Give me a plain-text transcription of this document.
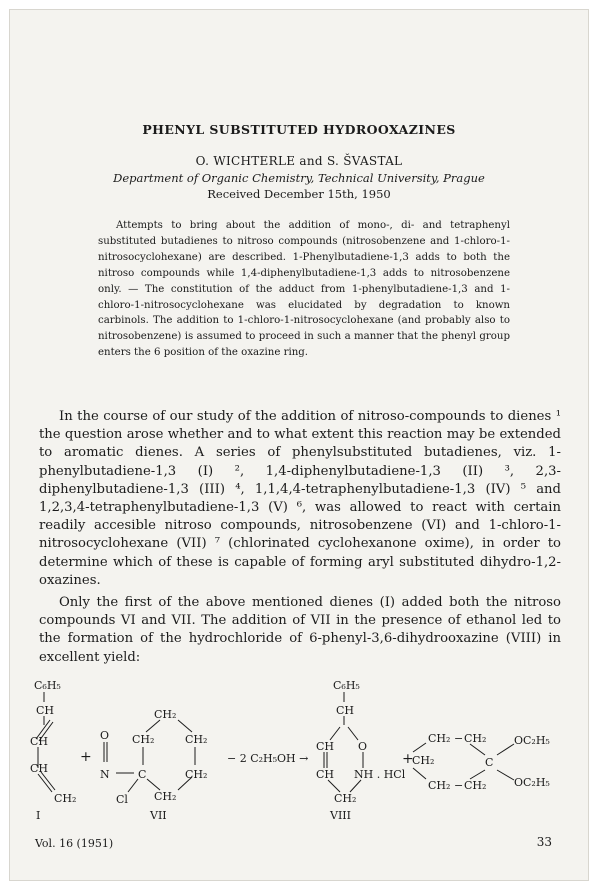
PHENYL SUBSTITUTED HYDROOXAZINES
O. WICHTERLE and S. ŠVASTAL
Department of Organic Chemistry, Technical University, Prague
Received December 15th, 1950

Attempts to bring about the addition of mono-, di- and tetraphenyl substituted butadienes to nitroso compounds (nitrosobenzene and 1-chloro-1-nitrosocyclohexane) are described. 1-Phenylbutadiene-1,3 adds to both the nitroso compounds while 1,4-diphenylbutadiene-1,3 adds to nitrosobenzene only. — The constitution of the adduct from 1-phenylbutadiene-1,3 and 1-chloro-1-nitrosocyclohexane was elucidated by degradation to known carbinols. The addition to 1-chloro-1-nitrosocyclohexane (and probably also to nitrosobenzene) is assumed to proceed in such a manner that the phenyl group enters the 6 position of the oxazine ring.

In the course of our study of the addition of nitroso-compounds to dienes ¹ the question arose whether and to what extent this reaction may be extended to aromatic dienes. A series of phenylsubstituted butadienes, viz. 1-phenylbutadiene-1,3 (I) ², 1,4-diphenylbutadiene-1,3 (II) ³, 2,3-diphenylbutadiene-1,3 (III) ⁴, 1,1,4,4-tetraphenylbutadiene-1,3 (IV) ⁵ and 1,2,3,4-tetraphenylbutadiene-1,3 (V) ⁶, was allowed to react with certain readily accesible nitroso compounds, nitrosobenzene (VI) and 1-chloro-1-nitrosocyclohexane (VII) ⁷ (chlorinated cyclohexanone oxime), in order to determine which of these is capable of forming aryl substituted dihydro-1,2-oxazines.

Only the first of the above mentioned dienes (I) added both the nitroso compounds VI and VII. The addition of VII in the presence of ethanol led to the formation of the hydrochloride of 6-phenyl-3,6-dihydrooxazine (VIII) in excellent yield:

C₆H₅
CH
CH
CH
CH₂
I
+
O
N	C
CH₂
CH₂	CH₂
CH₂
CH₂
Cl
VII
− 2 C₂H₅OH →
C₆H₅
CH
CH O
CH NH . HCl
CH₂
VIII
+
CH₂ − CH₂
CH₂	C
CH₂ − CH₂
OC₂H₅
OC₂H₅
Vol. 16 (1951)	33
